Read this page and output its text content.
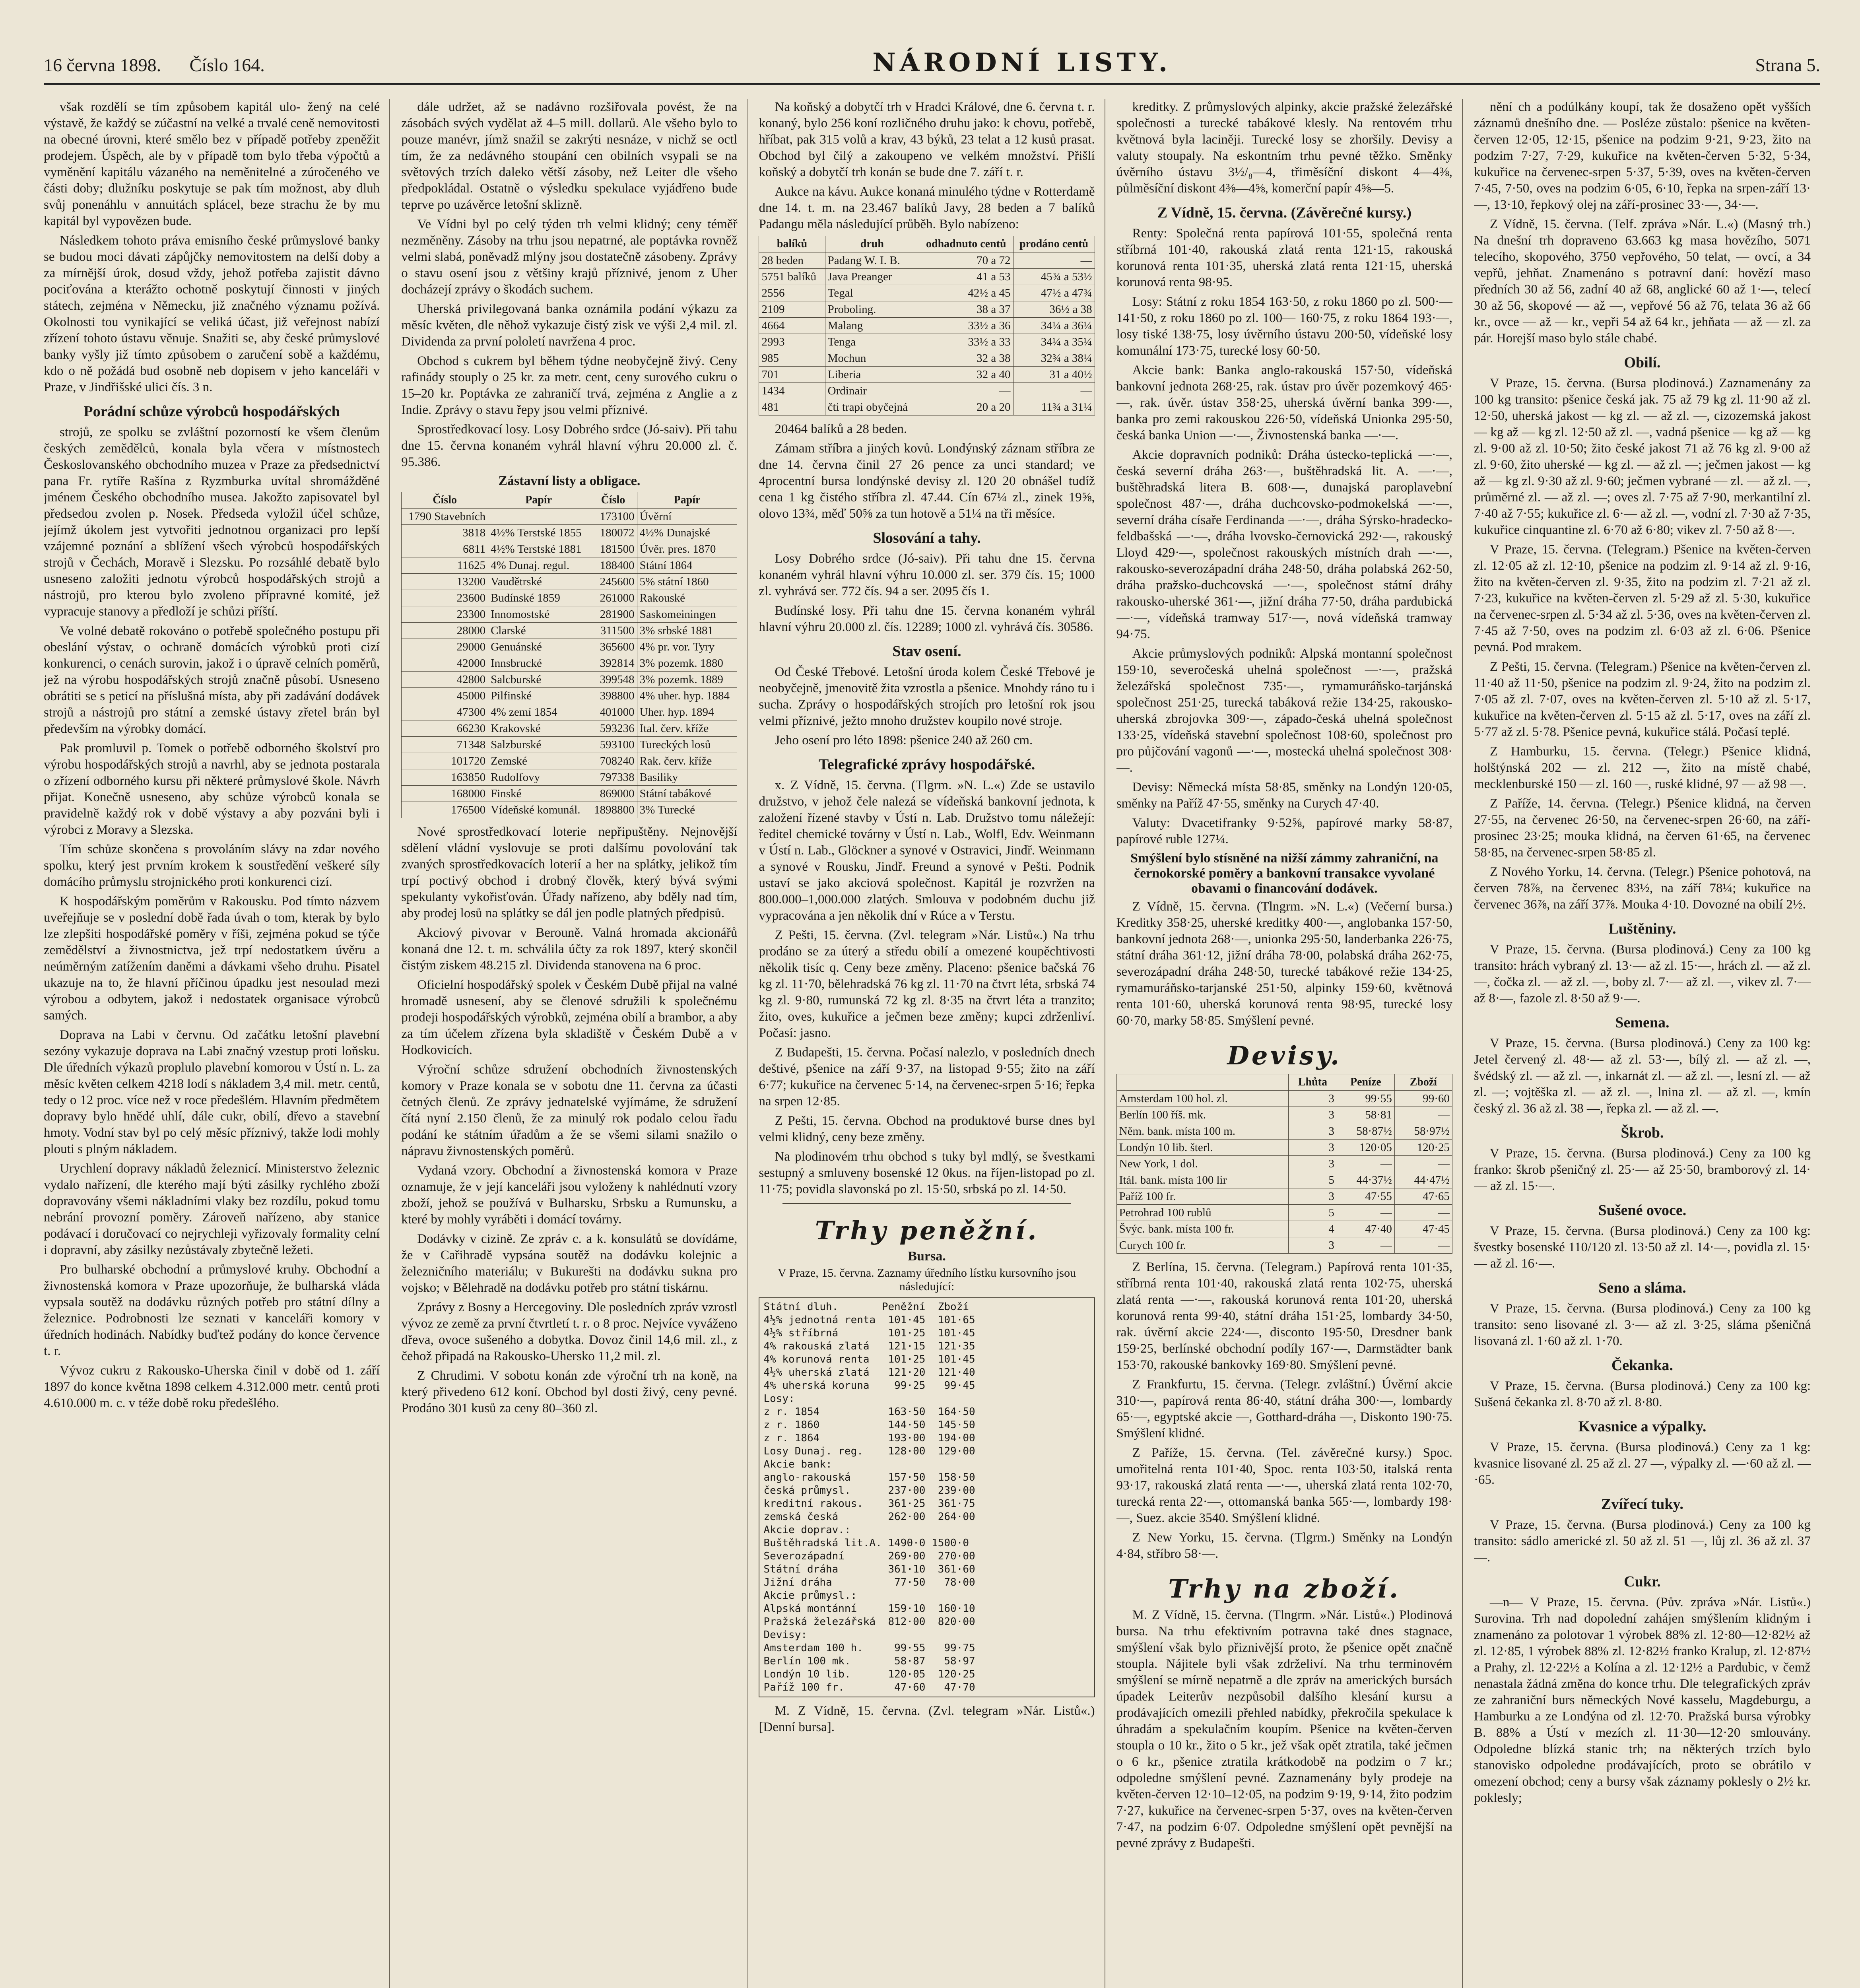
16 června 1898. Číslo 164.	NÁRODNÍ LISTY.	Strana 5.

však rozdělí se tím způsobem kapitál ulo- žený na celé výstavě, že každý se zúčastní na velké a trvalé ceně nemovitosti na obecné úrovni, které smělo bez v případě potřeby zpeněžit prodejem. Úspěch, ale by v případě tom bylo třeba výpočtů a vyměnění kapitálu vázaného na neměnitelné a zúročeného ve části doby; dlužníku poskytuje se pak tím možnost, aby dluh svůj ponenáhlu v annuitách splácel, beze strachu že by mu kapitál byl vypovězen bude.

Následkem tohoto práva emisního české průmyslové banky se budou moci dávati zápůjčky nemovitostem na delší doby a za mírnější úrok, dosud vždy, jehož potřeba zajistit dávno pociťována a kterážto ochotně poskytují činnosti v jiných státech, zejména v Německu, již značného významu požívá. Okolnosti tou vynikající se veliká účast, již veřejnost nabízí zřízení tohoto ústavu věnuje. Snažiti se, aby české průmyslové banky vyšly již tímto způsobem o zaručení sobě a každému, kdo o ně požádá bud osobně neb dopisem v jeho kanceláři v Praze, v Jindřišské ulici čís. 3 n.

Porádní schůze výrobců hospodářských

strojů, ze spolku se zvláštní pozorností ke všem členům českých zemědělců, konala byla včera v místnostech Českoslovanského obchodního muzea v Praze za předsednictví pana Fr. rytíře Rašína z Ryzmburka uvítal shromážděné jménem Českého obchodního musea. Jakožto zapisovatel byl předsedou zvolen p. Nosek. Předseda vyložil účel schůze, jejímž úkolem jest vytvořiti jednotnou organizaci pro lepší vzájemné poznání a sblížení všech výrobců hospodářských strojů v Čechách, Moravě i Slezsku. Po rozsáhlé debatě bylo usneseno založiti jednotu výrobců hospodářských strojů a nástrojů, pro kterou bylo zvoleno přípravné komité, jež vypracuje stanovy a předloží je schůzi příští.

Ve volné debatě rokováno o potřebě společného postupu při obeslání výstav, o ochraně domácích výrobků proti cizí konkurenci, o cenách surovin, jakož i o úpravě celních poměrů, jež na výrobu hospodářských strojů značně působí. Usneseno obrátiti se s peticí na příslušná místa, aby při zadávání dodávek strojů a nástrojů pro státní a zemské ústavy zřetel brán byl především na výrobky domácí.

Pak promluvil p. Tomek o potřebě odborného školství pro výrobu hospodářských strojů a navrhl, aby se jednota postarala o zřízení odborného kursu při některé průmyslové škole. Návrh přijat. Konečně usneseno, aby schůze výrobců konala se pravidelně každý rok v době výstavy a aby pozváni byli i výrobci z Moravy a Slezska.

Tím schůze skončena s provoláním slávy na zdar nového spolku, který jest prvním krokem k soustředění veškeré síly domácího průmyslu strojnického proti konkurenci cizí.

K hospodářským poměrům v Rakousku. Pod tímto názvem uveřejňuje se v poslední době řada úvah o tom, kterak by bylo lze zlepšiti hospodářské poměry v říši, zejména pokud se týče zemědělství a živnostnictva, jež trpí nedostatkem úvěru a neúměrným zatížením daněmi a dávkami všeho druhu. Pisatel ukazuje na to, že hlavní příčinou úpadku jest nesoulad mezi výrobou a odbytem, jakož i nedostatek organisace výrobců samých.

Doprava na Labi v červnu. Od začátku letošní plavební sezóny vykazuje doprava na Labi značný vzestup proti loňsku. Dle úředních výkazů proplulo plavební komorou v Ústí n. L. za měsíc květen celkem 4218 lodí s nákladem 3,4 mil. metr. centů, tedy o 12 proc. více než v roce předešlém. Hlavním předmětem dopravy bylo hnědé uhlí, dále cukr, obilí, dřevo a stavební hmoty. Vodní stav byl po celý měsíc příznivý, takže lodi mohly plouti s plným nákladem.

Urychlení dopravy nákladů železnicí. Ministerstvo železnic vydalo nařízení, dle kterého mají býti zásilky rychlého zboží dopravovány všemi nákladními vlaky bez rozdílu, pokud tomu nebrání provozní poměry. Zároveň nařízeno, aby stanice podávací i doručovací co nejrychleji vyřizovaly formality celní i dopravní, aby zásilky nezůstávaly zbytečně ležeti.

Pro bulharské obchodní a průmyslové kruhy. Obchodní a živnostenská komora v Praze upozorňuje, že bulharská vláda vypsala soutěž na dodávku různých potřeb pro státní dílny a železnice. Podrobnosti lze seznati v kanceláři komory v úředních hodinách. Nabídky buďtež podány do konce července t. r.

Vývoz cukru z Rakousko-Uherska činil v době od 1. září 1897 do konce května 1898 celkem 4.312.000 metr. centů proti 4.610.000 m. c. v téže době roku předešlého.

dále udržet, až se nadávno rozšiřovala povést, že na zásobách svých vydělat až 4–5 mill. dollarů. Ale všeho bylo to pouze manévr, jímž snažil se zakrýti nesnáze, v nichž se octl tím, že za nedávného stoupání cen obilních vsypali se na světových trzích daleko větší zásoby, než Leiter dle všeho předpokládal. Ostatně o výsledku spekulace vyjádřeno bude teprve po uzávěrce letošní sklizně.

Ve Vídni byl po celý týden trh velmi klidný; ceny téměř nezměněny. Zásoby na trhu jsou nepatrné, ale poptávka rovněž velmi slabá, poněvadž mlýny jsou dostatečně zásobeny. Zprávy o stavu osení jsou z většiny krajů příznivé, jenom z Uher docházejí zprávy o škodách suchem.

Uherská privilegovaná banka oznámila podání výkazu za měsíc květen, dle něhož vykazuje čistý zisk ve výši 2,4 mil. zl. Dividenda za první pololetí navržena 4 proc.

Obchod s cukrem byl během týdne neobyčejně živý. Ceny rafinády stouply o 25 kr. za metr. cent, ceny surového cukru o 15–20 kr. Poptávka ze zahraničí trvá, zejména z Anglie a z Indie. Zprávy o stavu řepy jsou velmi příznivé.

Sprostředkovací losy. Losy Dobrého srdce (Jó-saiv). Při tahu dne 15. června konaném vyhrál hlavní výhru 20.000 zl. č. 95.386.

Zástavní listy a obligace.
Číslo	Papír	Číslo	Papír
1790 Stavebních		173100	Úvěrní
3818	4½% Terstské 1855	180072	4½% Dunajské
6811	4½% Terstské 1881	181500	Úvěr. pres. 1870
11625	4% Dunaj. regul.	188400	Státní 1864
13200	Vaudětrské	245600	5% státní 1860
23600	Budínské 1859	261000	Rakouské
23300	Innomostské	281900	Saskomeiningen
28000	Clarské	311500	3% srbské 1881
29000	Genuánské	365600	4% pr. vor. Tyry
42000	Innsbrucké	392814	3% pozemk. 1880
42800	Salcburské	399548	3% pozemk. 1889
45000	Pilfinské	398800	4% uher. hyp. 1884
47300	4% zemí 1854	401000	Uher. hyp. 1894
66230	Krakovské	593236	Ital. červ. kříže
71348	Salzburské	593100	Tureckých losů
101720	Zemské	708240	Rak. červ. kříže
163850	Rudolfovy	797338	Basiliky
168000	Finské	869000	Státní tabákové
176500	Vídeňské komunál.	1898800	3% Turecké

Nové sprostředkovací loterie nepřipuštěny. Nejnovější sdělení vládní vyslovuje se proti dalšímu povolování tak zvaných sprostředkovacích loterií a her na splátky, jelikož tím trpí poctivý obchod i drobný člověk, který bývá svými spekulanty vykořisťován. Úřady nařízeno, aby bděly nad tím, aby prodej losů na splátky se dál jen podle platných předpisů.

Akciový pivovar v Berouně. Valná hromada akcionářů konaná dne 12. t. m. schválila účty za rok 1897, který skončil čistým ziskem 48.215 zl. Dividenda stanovena na 6 proc.

Oficielní hospodářský spolek v Českém Dubě přijal na valné hromadě usnesení, aby se členové sdružili k společnému prodeji hospodářských výrobků, zejména obilí a brambor, a aby za tím účelem zřízena byla skladiště v Českém Dubě a v Hodkovicích.

Výroční schůze sdružení obchodních živnostenských komory v Praze konala se v sobotu dne 11. června za účasti četných členů. Ze zprávy jednatelské vyjímáme, že sdružení čítá nyní 2.150 členů, že za minulý rok podalo celou řadu podání ke státním úřadům a že se všemi silami snažilo o nápravu živnostenských poměrů.

Vydaná vzory. Obchodní a živnostenská komora v Praze oznamuje, že v její kanceláři jsou vyloženy k nahlédnutí vzory zboží, jehož se používá v Bulharsku, Srbsku a Rumunsku, a které by mohly vyráběti i domácí továrny.

Dodávky v cizině. Ze zpráv c. a k. konsulátů se dovídáme, že v Cařihradě vypsána soutěž na dodávku kolejnic a železničního materiálu; v Bukurešti na dodávku sukna pro vojsko; v Bělehradě na dodávku potřeb pro státní tiskárnu.

Zprávy z Bosny a Hercegoviny. Dle posledních zpráv vzrostl vývoz ze země za první čtvrtletí t. r. o 8 proc. Nejvíce vyváženo dřeva, ovoce sušeného a dobytka. Dovoz činil 14,6 mil. zl., z čehož připadá na Rakousko-Uhersko 11,2 mil. zl.

Z Chrudimi. V sobotu konán zde výroční trh na koně, na který přivedeno 612 koní. Obchod byl dosti živý, ceny pevné. Prodáno 301 kusů za ceny 80–360 zl.

Na koňský a dobytčí trh v Hradci Králové, dne 6. června t. r. konaný, bylo 256 koní rozličného druhu jako: k chovu, potřebě, hříbat, pak 315 volů a krav, 43 býků, 23 telat a 12 kusů prasat. Obchod byl čilý a zakoupeno ve velkém množství. Přišlí koňský a dobytčí trh konán se bude dne 7. září t. r.

Aukce na kávu. Aukce konaná minulého týdne v Rotterdamě dne 14. t. m. na 23.467 balíků Javy, 28 beden a 7 balíků Padangu měla následující průběh. Bylo nabízeno:

balíků	druh	odhadnuto centů	prodáno centů
28 beden	Padang W. I. B.	70 a 72	—
5751 balíků	Java Preanger	41 a 53	45¾ a 53½
2556	Tegal	42½ a 45	47½ a 47¾
2109	Proboling.	38 a 37	36½ a 38
4664	Malang	33½ a 36	34¼ a 36¼
2993	Tenga	33½ a 33	34¼ a 35¼
985	Mochun	32 a 38	32¾ a 38¼
701	Liberia	32 a 40	31 a 40½
1434	Ordinair	—	—
481	čti trapi obyčejná	20 a 20	11¾ a 31¼

20464 balíků a 28 beden.

Zámam stříbra a jiných kovů. Londýnský záznam stříbra ze dne 14. června činil 27 26 pence za unci standard; ve 4procentní bursa londýnské devisy zl. 120 20 obnášel tudíž cena 1 kg čistého stříbra zl. 47.44. Cín 67¼ zl., zinek 19⅝, olovo 13¾, měď 50⅝ za tun hotově a 51¼ na tři měsíce.

Slosování a tahy.

Losy Dobrého srdce (Jó-saiv). Při tahu dne 15. června konaném vyhrál hlavní výhru 10.000 zl. ser. 379 čís. 15; 1000 zl. vyhrává ser. 772 čís. 94 a ser. 2095 čís 1.

Budínské losy. Při tahu dne 15. června konaném vyhrál hlavní výhru 20.000 zl. čís. 12289; 1000 zl. vyhrává čís. 30586.

Stav osení.

Od České Třebové. Letošní úroda kolem České Třebové je neobyčejně, jmenovitě žita vzrostla a pšenice. Mnohdy ráno tu i sucha. Zprávy o hospodářských strojích pro letošní rok jsou velmi příznivé, ježto mnoho družstev koupilo nové stroje.

Jeho osení pro léto 1898: pšenice 240 až 260 cm.

Telegrafické zprávy hospodářské.

x. Z Vídně, 15. června. (Tlgrm. »N. L.«) Zde se ustavilo družstvo, v jehož čele nalezá se vídeňská bankovní jednota, k založení řízené stavby v Ústí n. Lab. Družstvo tomu náležejí: ředitel chemické továrny v Ústí n. Lab., Wolfl, Edv. Weinmann v Ústí n. Lab., Glöckner a synové v Ostravici, Jindř. Weinmann a synové v Rousku, Jindř. Freund a synové v Pešti. Podnik ustaví se jako akciová společnost. Kapitál je rozvržen na 800.000–1,000.000 zlatých. Smlouva v podobném duchu již vypracována a jen několik dní v Rúce a v Terstu.

Z Pešti, 15. června. (Zvl. telegram »Nár. Listů«.) Na trhu prodáno se za úterý a středu obilí a omezené koupěchtivosti několik tisíc q. Ceny beze změny. Placeno: pšenice bačská 76 kg zl. 11·70, bělehradská 76 kg zl. 11·70 na čtvrt léta, srbská 74 kg zl. 9·80, rumunská 72 kg zl. 8·35 na čtvrt léta a tranzito; žito, oves, kukuřice a ječmen beze změny; kupci zdrženliví. Počasí: jasno.

Z Budapešti, 15. června. Počasí nalezlo, v posledních dnech deštivé, pšenice na září 9·37, na listopad 9·55; žito na září 6·77; kukuřice na červenec 5·14, na červenec-srpen 5·16; řepka na srpen 12·85.

Z Pešti, 15. června. Obchod na produktové burse dnes byl velmi klidný, ceny beze změny.

Na plodinovém trhu obchod s tuky byl mdlý, se švestkami sestupný a smluveny bosenské 12 0kus. na říjen-listopad po zl. 11·75; povidla slavonská po zl. 15·50, srbská po zl. 14·50.

Trhy peněžní.
Bursa.
V Praze, 15. června. Zaznamy úředního lístku kursovního jsou následující:
Státní dluh.       Peněžní  Zboží
4½% jednotná renta  101·45  101·65
4½% stříbrná        101·25  101·45
4% rakouská zlatá   121·15  121·35
4% korunová renta   101·25  101·45
4½% uherská zlatá   121·20  121·40
4% uherská koruna    99·25   99·45
Losy:
z r. 1854           163·50  164·50
z r. 1860           144·50  145·50
z r. 1864           193·00  194·00
Losy Dunaj. reg.    128·00  129·00
Akcie bank:
anglo-rakouská      157·50  158·50
česká průmysl.      237·00  239·00
kreditní rakous.    361·25  361·75
zemská česká        262·00  264·00
Akcie doprav.:
Buštěhradská lit.A. 1490·0 1500·0
Severozápadní       269·00  270·00
Státní dráha        361·10  361·60
Jižní dráha          77·50   78·00
Akcie průmysl.:
Alpská montánní     159·10  160·10
Pražská železářská  812·00  820·00
Devisy:
Amsterdam 100 h.     99·55   99·75
Berlín 100 mk.       58·87   58·97
Londýn 10 lib.      120·05  120·25
Paříž 100 fr.        47·60   47·70

M. Z Vídně, 15. června. (Zvl. telegram »Nár. Listů«.) [Denní bursa].

kreditky. Z průmyslových alpinky, akcie pražské železářské společnosti a turecké tabákové klesly. Na rentovém trhu květnová byla laciněji. Turecké losy se zhoršily. Devisy a valuty stoupaly. Na eskontním trhu pevné těžko. Směnky úvěrního ústavu 3½/₈—4, třiměsíční diskont 4—4⅜, půlměsíční diskont 4⅜—4⅝, komerční papír 4⅝—5.

Z Vídně, 15. června. (Závěrečné kursy.)

Renty: Společná renta papírová 101·55, společná renta stříbrná 101·40, rakouská zlatá renta 121·15, rakouská korunová renta 101·35, uherská zlatá renta 121·15, uherská korunová renta 98·95.

Losy: Státní z roku 1854 163·50, z roku 1860 po zl. 500·— 141·50, z roku 1860 po zl. 100— 160·75, z roku 1864 193·—, losy tiské 138·75, losy úvěrního ústavu 200·50, vídeňské losy komunální 173·75, turecké losy 60·50.

Akcie bank: Banka anglo-rakouská 157·50, vídeňská bankovní jednota 268·25, rak. ústav pro úvěr pozemkový 465·—, rak. úvěr. ústav 358·25, uherská úvěrní banka 399·—, banka pro zemi rakouskou 226·50, vídeňská Unionka 295·50, česká banka Union —·—, Živnostenská banka —·—.

Akcie dopravních podniků: Dráha ústecko-teplická —·—, česká severní dráha 263·—, buštěhradská lit. A. —·—, buštěhradská litera B. 608·—, dunajská paroplavební společnost 487·—, dráha duchcovsko-podmokelská —·—, severní dráha císaře Ferdinanda —·—, dráha Sýrsko-hradecko-feldbašská —·—, dráha lvovsko-černovická 292·—, rakouský Lloyd 429·—, společnost rakouských místních drah —·—, rakousko-severozápadní dráha 248·50, dráha polabská 262·50, dráha pražsko-duchcovská —·—, společnost státní dráhy rakousko-uherské 361·—, jižní dráha 77·50, dráha pardubická —·—, vídeňská tramway 517·—, nová vídeňská tramway 94·75.

Akcie průmyslových podniků: Alpská montanní společnost 159·10, severočeská uhelná společnost —·—, pražská železářská společnost 735·—, rymamuráňsko-tarjánská společnost 251·25, turecká tabáková režie 134·25, rakousko-uherská zbrojovka 309·—, západo-česká uhelná společnost 133·25, vídeňská stavební společnost 108·60, společnost pro pro půjčování vagonů —·—, mostecká uhelná společnost 308·—.

Devisy: Německá místa 58·85, směnky na Londýn 120·05, směnky na Paříž 47·55, směnky na Curych 47·40.

Valuty: Dvacetifranky 9·52⅝, papírové marky 58·87, papírové ruble 127¼.

Smýšlení bylo stísněné na nižší zámmy zahraniční, na černokorské poměry a bankovní transakce vyvolané obavami o financování dodávek.

Z Vídně, 15. června. (Tlngrm. »N. L.«) (Večerní bursa.) Kreditky 358·25, uherské kreditky 400·—, anglobanka 157·50, bankovní jednota 268·—, unionka 295·50, landerbanka 226·75, státní dráha 361·12, jižní dráha 78·00, polabská dráha 262·75, severozápadní dráha 248·50, turecké tabákové režie 134·25, rymamuráňsko-tarjanské 251·50, alpinky 159·60, květnová renta 101·60, uherská korunová renta 98·95, turecké losy 60·70, marky 58·85. Smýšlení pevné.

Devisy.
	Lhůta	Peníze	Zboží
Amsterdam 100 hol. zl.	3	99·55	99·60
Berlín 100 říš. mk.	3	58·81	—
Něm. bank. místa 100 m.	3	58·87½	58·97½
Londýn 10 lib. šterl.	3	120·05	120·25
New York, 1 dol.	3	—	—
Itál. bank. místa 100 lir	5	44·37½	44·47½
Paříž 100 fr.	3	47·55	47·65
Petrohrad 100 rublů	5	—	—
Švýc. bank. místa 100 fr.	4	47·40	47·45
Curych 100 fr.	3	—	—

Z Berlína, 15. června. (Telegram.) Papírová renta 101·35, stříbrná renta 101·40, rakouská zlatá renta 102·75, uherská zlatá renta —·—, rakouská korunová renta 101·20, uherská korunová renta 99·40, státní dráha 151·25, lombardy 34·50, rak. úvěrní akcie 224·—, disconto 195·50, Dresdner bank 159·25, berlínské obchodní podíly 167·—, Darmstädter bank 153·70, rakouské bankovky 169·80. Smýšlení pevné.

Z Frankfurtu, 15. června. (Telegr. zvláštní.) Úvěrní akcie 310·—, papírová renta 86·40, státní dráha 300·—, lombardy 65·—, egyptské akcie —, Gotthard-dráha —, Diskonto 190·75. Smýšlení klidné.

Z Paříže, 15. června. (Tel. závěrečné kursy.) Spoc. umořitelná renta 101·40, Spoc. renta 103·50, italská renta 93·17, rakouská zlatá renta —·—, uherská zlatá renta 102·70, turecká renta 22·—, ottomanská banka 565·—, lombardy 198·—, Suez. akcie 3540. Smýšlení klidné.

Z New Yorku, 15. června. (Tlgrm.) Směnky na Londýn 4·84, stříbro 58·—.

Trhy na zboží.

M. Z Vídně, 15. června. (Tlngrm. »Nár. Listů«.) Plodinová bursa. Na trhu efektivním potravna také dnes stagnace, smýšlení však bylo přiznivější proto, že pšenice opět značně stoupla. Nájitele byli však zdrželiví. Na trhu terminovém smýšlení se mírně nepatrně a dle zpráv na amerických bursách úpadek Leiterův nezpůsobil dalšího klesání kursu a prodávajících omezili přehled nabídky, překročila spekulace k úhradám a spekulačním koupím. Pšenice na květen-červen stoupla o 10 kr., žito o 5 kr., jež však opět ztratila, také ječmen o 6 kr., pšenice ztratila krátkodobě na podzim o 7 kr.; odpoledne smýšlení pevné. Zaznamenány byly prodeje na květen-červen 12·10–12·05, na podzim 9·19, 9·14, žito podzim 7·27, kukuřice na červenec-srpen 5·37, oves na květen-červen 7·47, na podzim 6·07. Odpoledne smýšlení opět pevnější na pevné zprávy z Budapešti.

nění ch a podúlkány koupí, tak že dosaženo opět vyšších záznamů dnešního dne. — Posléze zůstalo: pšenice na květen-červen 12·05, 12·15, pšenice na podzim 9·21, 9·23, žito na podzim 7·27, 7·29, kukuřice na květen-červen 5·32, 5·34, kukuřice na červenec-srpen 5·37, 5·39, oves na květen-červen 7·45, 7·50, oves na podzim 6·05, 6·10, řepka na srpen-září 13·—, 13·10, řepkový olej na září-prosinec 33·—, 34·—.

Z Vídně, 15. června. (Telf. zpráva »Nár. L.«) (Masný trh.) Na dnešní trh dopraveno 63.663 kg masa hovězího, 5071 telecího, skopového, 3750 vepřového, 50 telat, — ovcí, a 34 vepřů, jehňat. Znamenáno s potravní daní: hovězí maso předních 30 až 56, zadní 40 až 68, anglické 60 až 1·—, telecí 30 až 56, skopové — až —, vepřové 56 až 76, telata 36 až 66 kr., ovce — až — kr., vepři 54 až 64 kr., jehňata — až — zl. za pár. Horejší maso bylo stále chabé.

Obilí.

V Praze, 15. června. (Bursa plodinová.) Zaznamenány za 100 kg transito: pšenice česká jak. 75 až 79 kg zl. 11·90 až zl. 12·50, uherská jakost — kg zl. — až zl. —, cizozemská jakost — kg až — kg zl. 12·50 až zl. —, vadná pšenice — kg až — kg zl. 9·00 až zl. 10·50; žito české jakost 71 až 76 kg zl. 9·00 až zl. 9·60, žito uherské — kg zl. — až zl. —; ječmen jakost — kg až — kg zl. 9·30 až zl. 9·60; ječmen vybrané — zl. — až zl. —, průměrné zl. — až zl. —; oves zl. 7·75 až 7·90, merkantilní zl. 7·40 až 7·55; kukuřice zl. 6·— až zl. —, vodní zl. 7·30 až 7·35, kukuřice cinquantine zl. 6·70 až 6·80; vikev zl. 7·50 až 8·—.

V Praze, 15. června. (Telegram.) Pšenice na květen-červen zl. 12·05 až zl. 12·10, pšenice na podzim zl. 9·14 až zl. 9·16, žito na květen-červen zl. 9·35, žito na podzim zl. 7·21 až zl. 7·23, kukuřice na květen-červen zl. 5·29 až zl. 5·30, kukuřice na červenec-srpen zl. 5·34 až zl. 5·36, oves na květen-červen zl. 7·45 až 7·50, oves na podzim zl. 6·03 až zl. 6·06. Pšenice pevná. Pod mrakem.

Z Pešti, 15. června. (Telegram.) Pšenice na květen-červen zl. 11·40 až 11·50, pšenice na podzim zl. 9·24, žito na podzim zl. 7·05 až zl. 7·07, oves na květen-červen zl. 5·10 až zl. 5·17, kukuřice na květen-červen zl. 5·15 až zl. 5·17, oves na září zl. 5·77 až zl. 5·78. Pšenice pevná, kukuřice stálá. Počasí teplé.

Z Hamburku, 15. června. (Telegr.) Pšenice klidná, holštýnská 202 — zl. 212 —, žito na místě chabé, mecklenburské 150 — zl. 160 —, ruské klidné, 97 — až 98 —.

Z Paříže, 14. června. (Telegr.) Pšenice klidná, na červen 27·55, na červenec 26·50, na červenec-srpen 26·60, na září-prosinec 23·25; mouka klidná, na červen 61·65, na červenec 58·85, na červenec-srpen 58·85 zl.

Z Nového Yorku, 14. června. (Telegr.) Pšenice pohotová, na červen 78⅞, na červenec 83½, na září 78¼; kukuřice na červenec 36⅞, na září 37⅞. Mouka 4·10. Dovozné na obilí 2½.

Luštěniny.

V Praze, 15. června. (Bursa plodinová.) Ceny za 100 kg transito: hrách vybraný zl. 13·— až zl. 15·—, hrách zl. — až zl. —, čočka zl. — až zl. —, boby zl. 7·— až zl. —, vikev zl. 7·— až 8·—, fazole zl. 8·50 až 9·—.

Semena.

V Praze, 15. června. (Bursa plodinová.) Ceny za 100 kg: Jetel červený zl. 48·— až zl. 53·—, bílý zl. — až zl. —, švédský zl. — až zl. —, inkarnát zl. — až zl. —, lesní zl. — až zl. —; vojtěška zl. — až zl. —, lnina zl. — až zl. —, kmín český zl. 36 až zl. 38 —, řepka zl. — až zl. —.

Škrob.

V Praze, 15. června. (Bursa plodinová.) Ceny za 100 kg franko: škrob pšeničný zl. 25·— až 25·50, bramborový zl. 14·— až zl. 15·—.

Sušené ovoce.

V Praze, 15. června. (Bursa plodinová.) Ceny za 100 kg: švestky bosenské 110/120 zl. 13·50 až zl. 14·—, povidla zl. 15·— až zl. 16·—.

Seno a sláma.

V Praze, 15. června. (Bursa plodinová.) Ceny za 100 kg transito: seno lisované zl. 3·— až zl. 3·25, sláma pšeničná lisovaná zl. 1·60 až zl. 1·70.

Čekanka.

V Praze, 15. června. (Bursa plodinová.) Ceny za 100 kg: Sušená čekanka zl. 8·70 až zl. 8·80.

Kvasnice a výpalky.

V Praze, 15. června. (Bursa plodinová.) Ceny za 1 kg: kvasnice lisované zl. 25 až zl. 27 —, výpalky zl. —·60 až zl. —·65.

Zvířecí tuky.

V Praze, 15. června. (Bursa plodinová.) Ceny za 100 kg transito: sádlo americké zl. 50 až zl. 51 —, lůj zl. 36 až zl. 37 —.

Cukr.

—n— V Praze, 15. června. (Pův. zpráva »Nár. Listů«.) Surovina. Trh nad dopolední zahájen smýšlením klidným i znamenáno za polotovar 1 výrobek 88% zl. 12·80—12·82½ až zl. 12·85, 1 výrobek 88% zl. 12·82½ franko Kralup, zl. 12·87½ a Prahy, zl. 12·22½ a Kolína a zl. 12·12½ a Pardubic, v čemž nenastala žádná změna do konce trhu. Dle telegrafických zpráv ze zahraniční burs německých Nové kasselu, Magdeburgu, a Hamburku a ze Londýna od zl. 12·70. Pražská bursa výrobky B. 88% a Ústí v mezích zl. 11·30—12·20 smlouvány. Odpoledne blízká stanic trh; na některých trzích bylo stanovisko odpoledne prodávajících, proto se obrátilo v omezení obchod; ceny a bursy však záznamy poklesly o 2½ kr. poklesly;
